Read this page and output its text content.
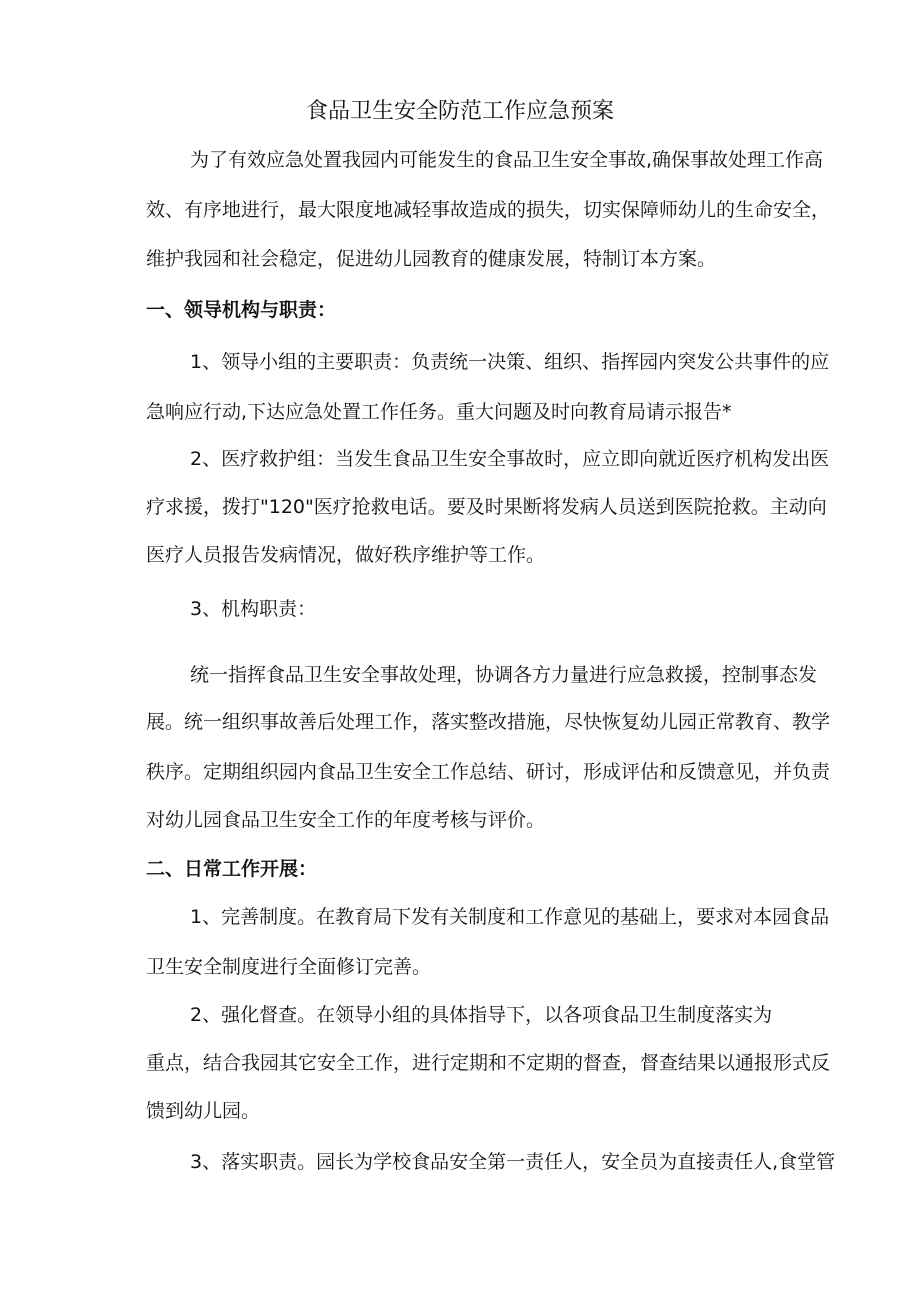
食品卫生安全防范工作应急预案
为了有效应急处置我园内可能发生的食品卫生安全事故,确保事故处理工作高
效、有序地进行，最大限度地减轻事故造成的损失，切实保障师幼儿的生命安全，
维护我园和社会稳定，促进幼儿园教育的健康发展，特制订本方案。
一、领导机构与职责：
1、领导小组的主要职责：负责统一决策、组织、指挥园内突发公共事件的应
急响应行动,下达应急处置工作任务。重大问题及时向教育局请示报告*
2、医疗救护组：当发生食品卫生安全事故时，应立即向就近医疗机构发出医
疗求援，拨打"120"医疗抢救电话。要及时果断将发病人员送到医院抢救。主动向
医疗人员报告发病情况，做好秩序维护等工作。
3、机构职责：
统一指挥食品卫生安全事故处理，协调各方力量进行应急救援，控制事态发
展。统一组织事故善后处理工作，落实整改措施，尽快恢复幼儿园正常教育、教学
秩序。定期组织园内食品卫生安全工作总结、研讨，形成评估和反馈意见，并负责
对幼儿园食品卫生安全工作的年度考核与评价。
二、日常工作开展：
1、完善制度。在教育局下发有关制度和工作意见的基础上，要求对本园食品
卫生安全制度进行全面修订完善。
2、强化督查。在领导小组的具体指导下，以各项食品卫生制度落实为
重点，结合我园其它安全工作，进行定期和不定期的督查，督查结果以通报形式反
馈到幼儿园。
3、落实职责。园长为学校食品安全第一责任人，安全员为直接责任人,食堂管
